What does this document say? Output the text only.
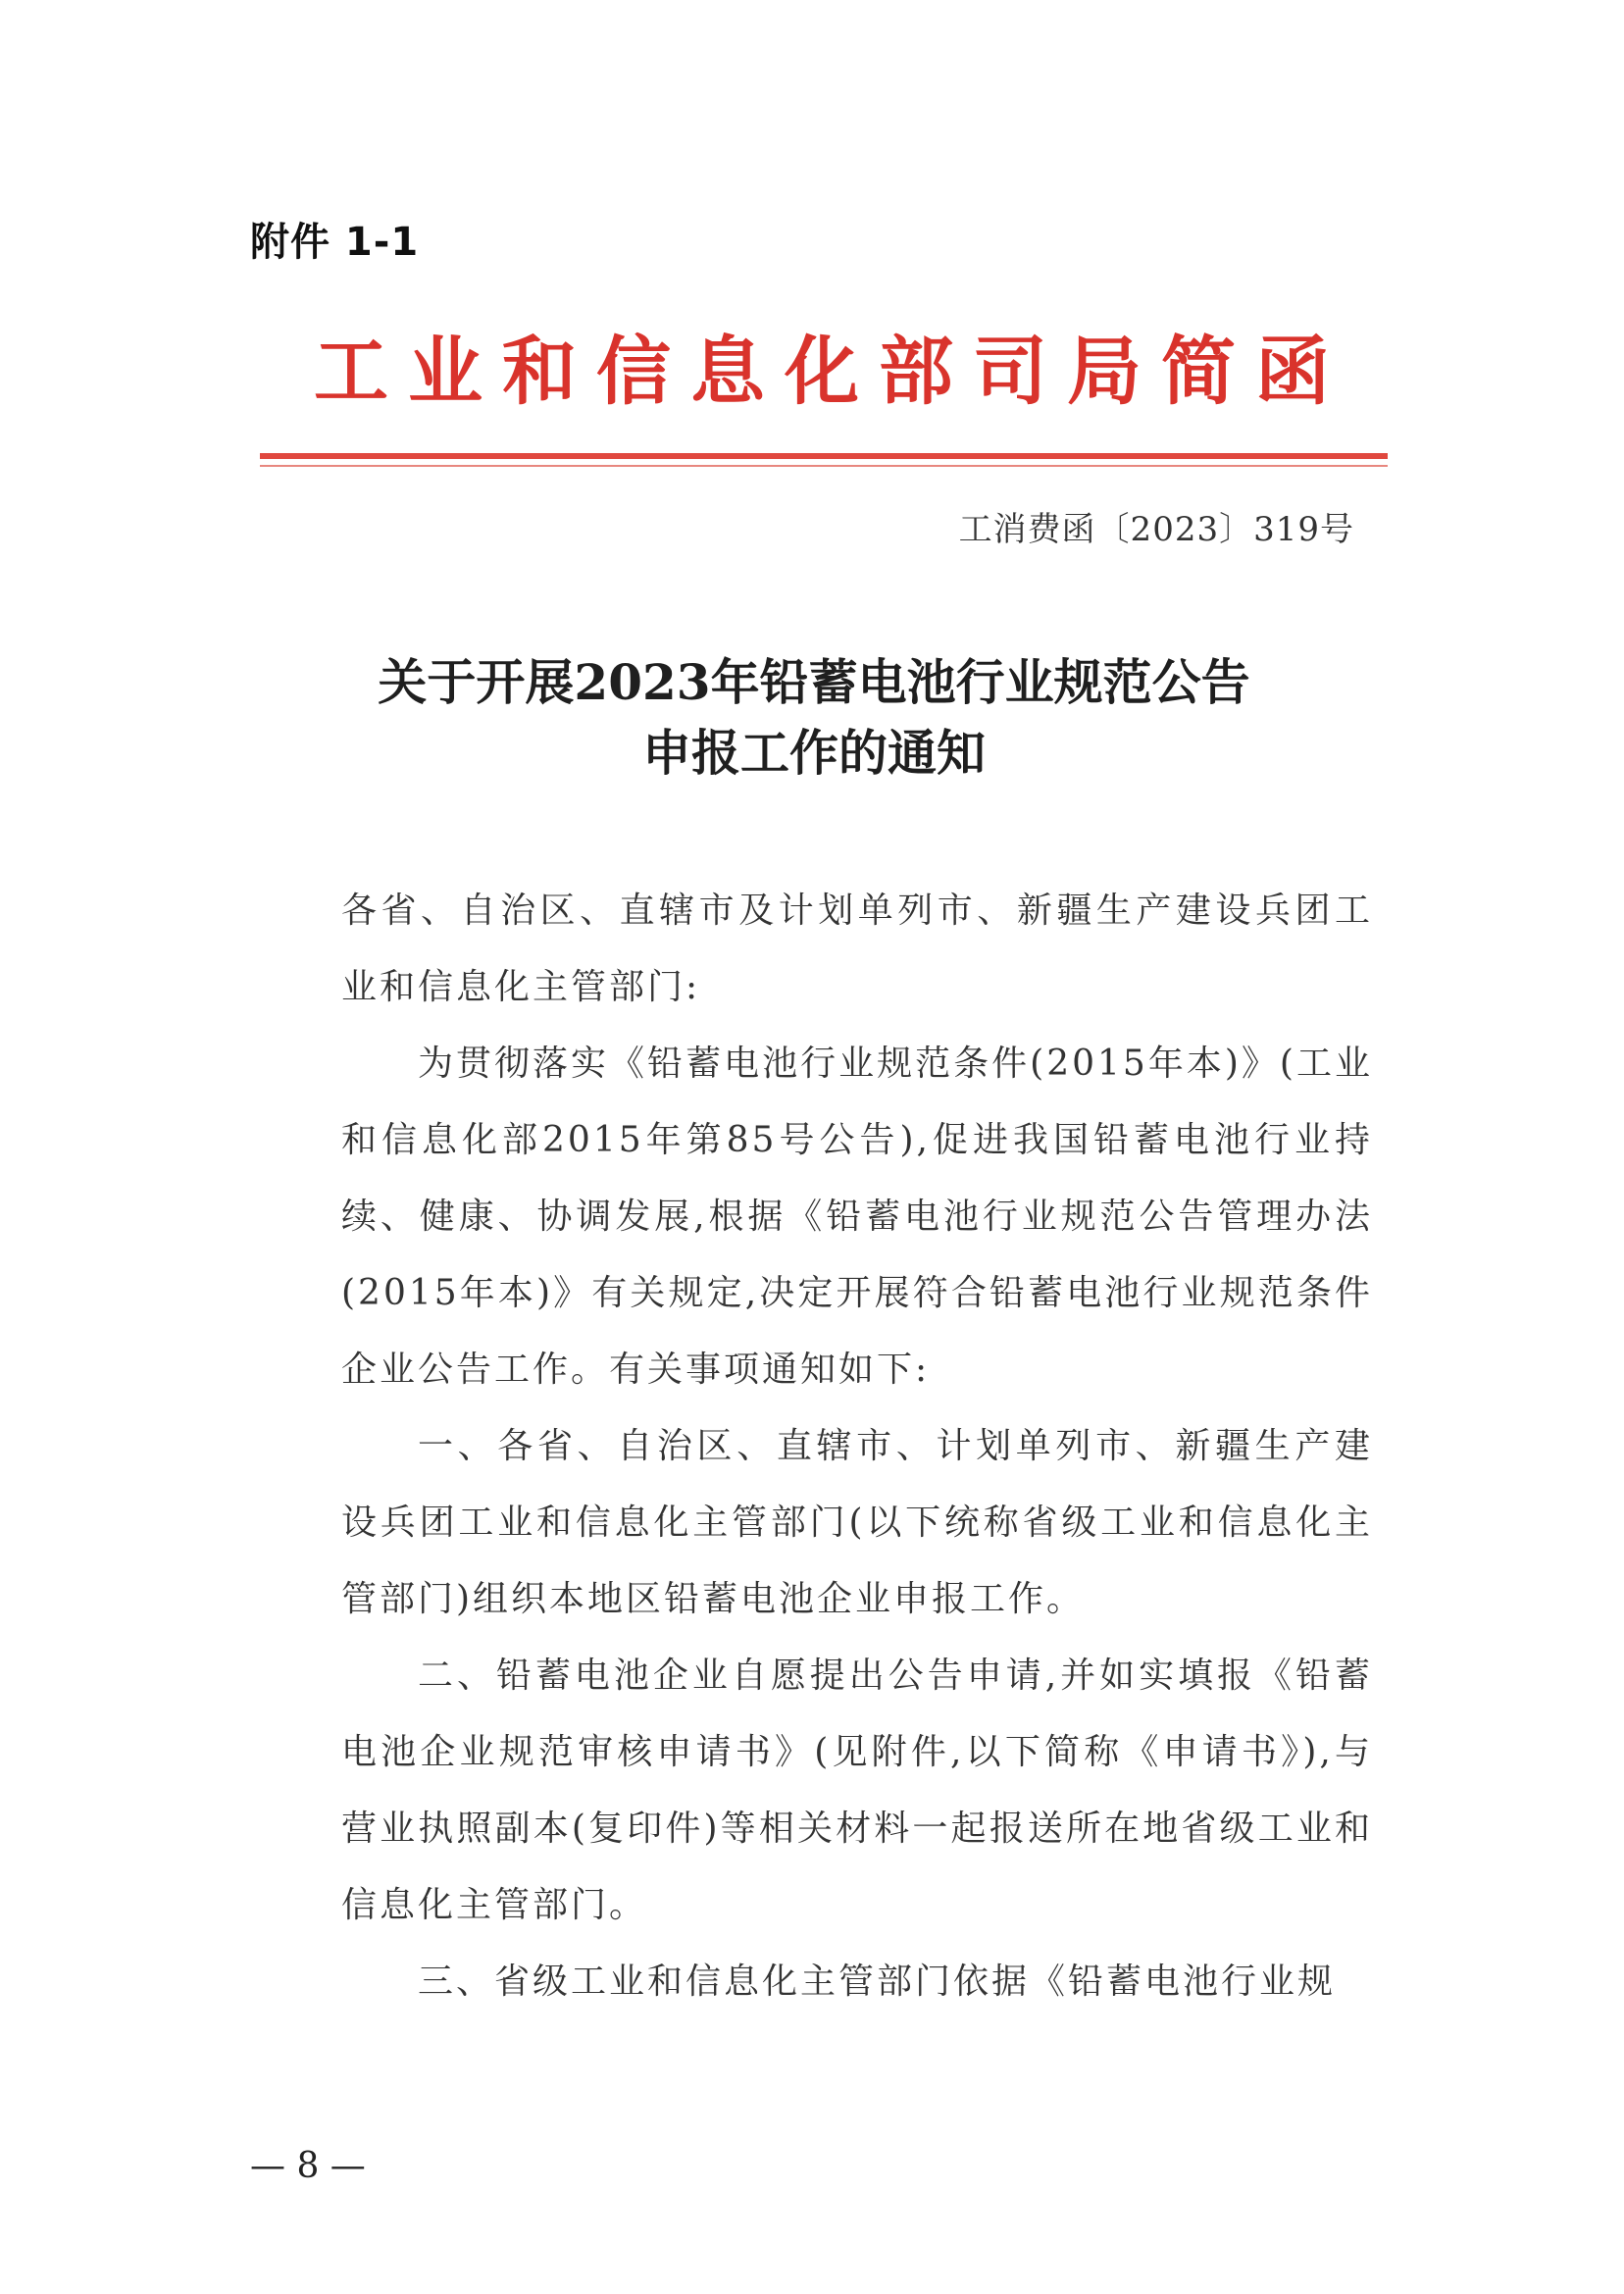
附件 1-1
工业和信息化部司局简函
工消费函〔2023〕319号
关于开展2023年铅蓄电池行业规范公告
申报工作的通知

各省、自治区、直辖市及计划单列市、新疆生产建设兵团工业和信息化主管部门:

为贯彻落实《铅蓄电池行业规范条件(2015年本)》(工业和信息化部2015年第85号公告),促进我国铅蓄电池行业持续、健康、协调发展,根据《铅蓄电池行业规范公告管理办法(2015年本)》有关规定,决定开展符合铅蓄电池行业规范条件企业公告工作。有关事项通知如下:

一、各省、自治区、直辖市、计划单列市、新疆生产建设兵团工业和信息化主管部门(以下统称省级工业和信息化主管部门)组织本地区铅蓄电池企业申报工作。

二、铅蓄电池企业自愿提出公告申请,并如实填报《铅蓄电池企业规范审核申请书》(见附件,以下简称《申请书》),与营业执照副本(复印件)等相关材料一起报送所在地省级工业和信息化主管部门。

三、省级工业和信息化主管部门依据《铅蓄电池行业规

— 8 —
